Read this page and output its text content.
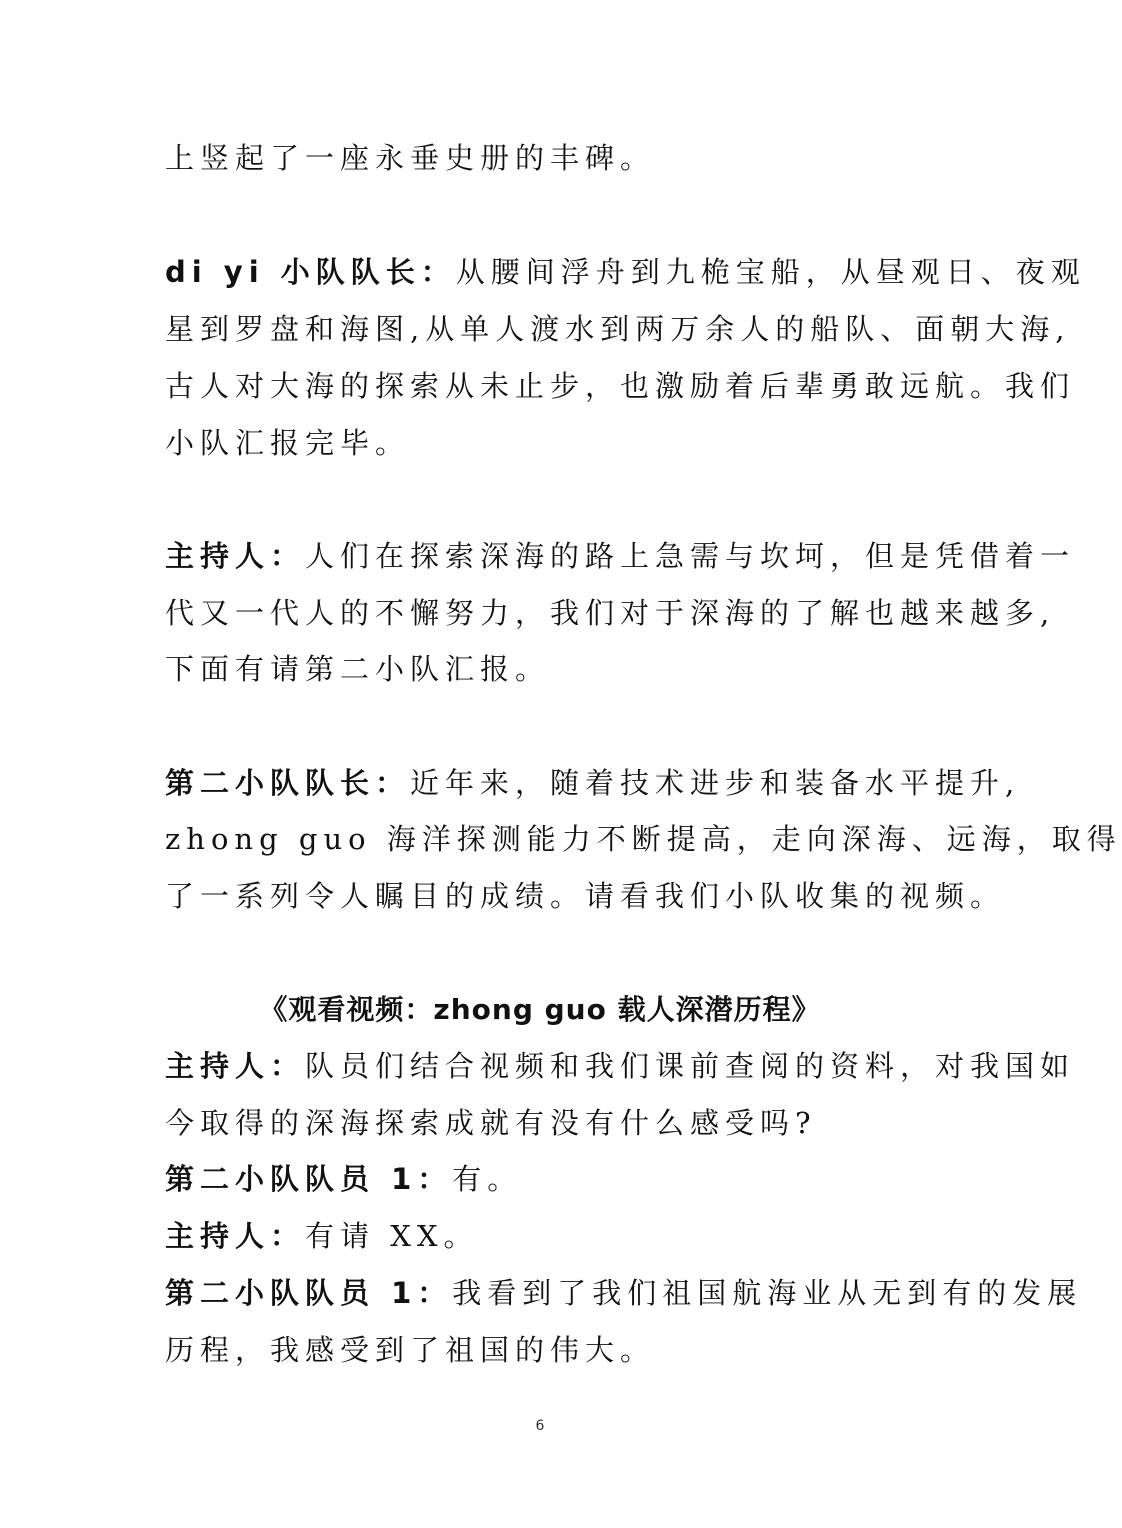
上竖起了一座永垂史册的丰碑。
di yi 小队队长：从腰间浮舟到九桅宝船，从昼观日、夜观
星到罗盘和海图,从单人渡水到两万余人的船队、面朝大海,
古人对大海的探索从未止步，也激励着后辈勇敢远航。我们
小队汇报完毕。
主持人：人们在探索深海的路上急需与坎坷，但是凭借着一
代又一代人的不懈努力，我们对于深海的了解也越来越多,
下面有请第二小队汇报。
第二小队队长：近年来，随着技术进步和装备水平提升,
zhong guo 海洋探测能力不断提高，走向深海、远海，取得
了一系列令人瞩目的成绩。请看我们小队收集的视频。
《观看视频：zhong guo 载人深潜历程》
主持人：队员们结合视频和我们课前查阅的资料，对我国如
今取得的深海探索成就有没有什么感受吗?
第二小队队员 1：有。
主持人：有请 XX。
第二小队队员 1：我看到了我们祖国航海业从无到有的发展
历程，我感受到了祖国的伟大。
6
